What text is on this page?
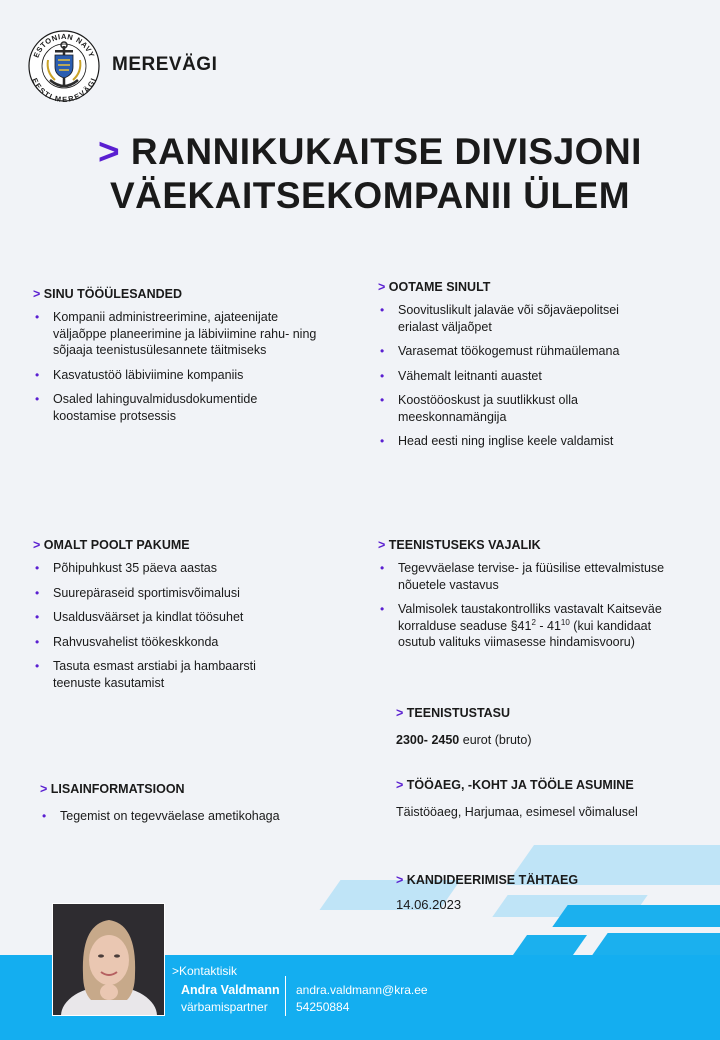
ESTONIAN NAVY
EESTI MEREVÄGI
MEREVÄGI
> RANNIKUKAITSE DIVISJONI
VÄEKAITSEKOMPANII ÜLEM
> SINU TÖÖÜLESANDED
• Kompanii administreerimine, ajateenijate väljaõppe planeerimine ja läbiviimine rahu- ning sõjaaja teenistusülesannete täitmiseks
• Kasvatustöö läbiviimine kompaniis
• Osaled lahinguvalmidusdokumentide koostamise protsessis
> OOTAME SINULT
• Soovituslikult jalaväe või sõjaväepolitsei erialast väljaõpet
• Varasemat töökogemust rühmaülemana
• Vähemalt leitnanti auastet
• Koostööoskust ja suutlikkust olla meeskonnamängija
• Head eesti ning inglise keele valdamist
> OMALT POOLT PAKUME
• Põhipuhkust 35 päeva aastas
• Suurepäraseid sportimisvõimalusi
• Usaldusväärset ja kindlat töösuhet
• Rahvusvahelist töökeskkonda
• Tasuta esmast arstiabi ja hambaarsti teenuste kasutamist
> TEENISTUSEKS VAJALIK
• Tegevväelase tervise- ja füüsilise ettevalmistuse nõuetele vastavus
• Valmisolek taustakontrolliks vastavalt Kaitseväe korralduse seaduse $\S 41^2 - 41^{10}$ (kui kandidaat osutub valituks viimasesse hindamisvooru)
> TEENISTUSTASU
2300- 2450 eurot (bruto)
> LISAINFORMATSIOON
• Tegemist on tegevväelase ametikohaga
> TÖÖAEG, -KOHT JA TÖÖLE ASUMINE
Täistööaeg, Harjumaa, esimesel võimalusel
> KANDIDEERIMISE TÄHTAEG
14.06.2023
>Kontaktisik
Andra Valdmann
värbamispartner
andra.valdmann@kra.ee
54250884
